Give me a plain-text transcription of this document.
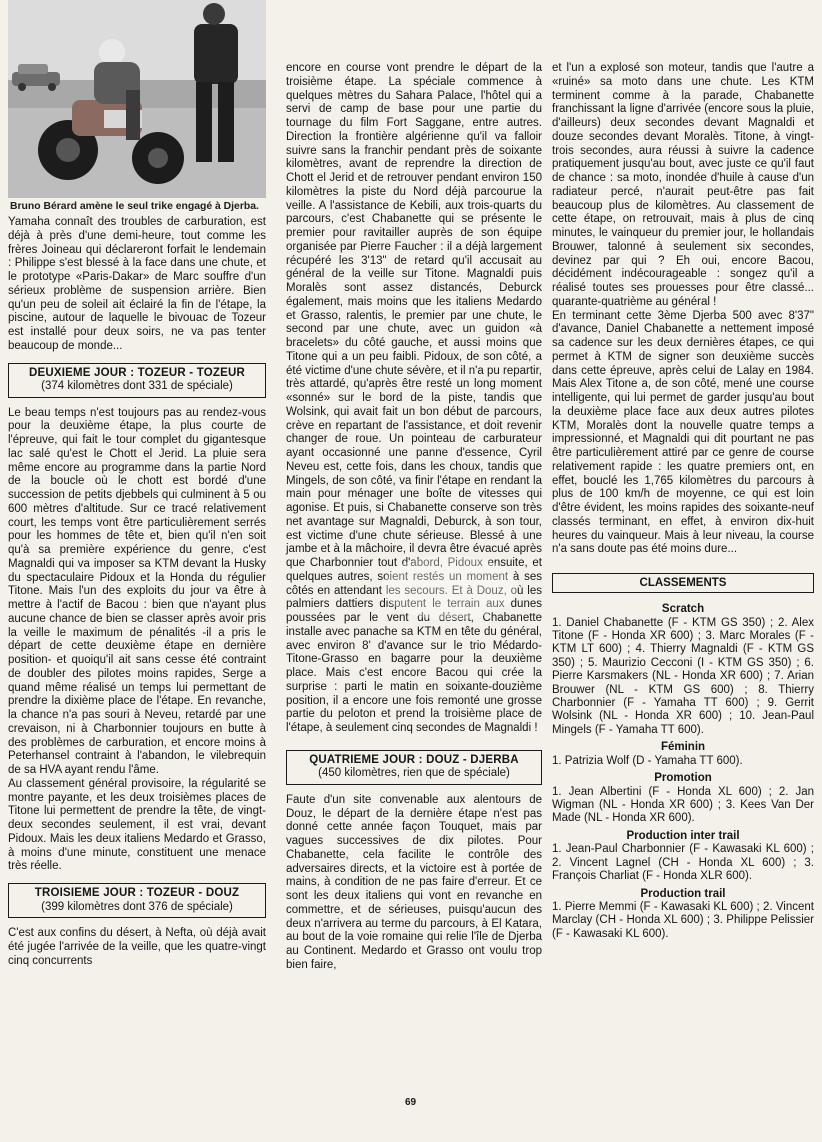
Bruno Bérard amène le seul trike engagé à Djerba.

Yamaha connaît des troubles de carburation, est déjà à près d'une demi-heure, tout comme les frères Joineau qui déclareront forfait le lendemain : Philippe s'est blessé à la face dans une chute, et le prototype «Paris-Dakar» de Marc souffre d'un sérieux problème de suspension arrière. Bien qu'un peu de soleil ait éclairé la fin de l'étape, la piscine, autour de laquelle le bivouac de Tozeur est installé pour deux soirs, ne va pas tenter beaucoup de monde...

DEUXIEME JOUR : TOZEUR - TOZEUR
(374 kilomètres dont 331 de spéciale)

Le beau temps n'est toujours pas au rendez-vous pour la deuxième étape, la plus courte de l'épreuve, qui fait le tour complet du gigantesque lac salé qu'est le Chott el Jerid. La pluie sera même encore au programme dans la partie Nord de la boucle où le chott est bordé d'une succession de petits djebbels qui culminent à 5 ou 600 mètres d'altitude. Sur ce tracé relativement court, les temps vont être particulièrement serrés pour les hommes de tête et, bien qu'il n'en soit qu'à sa première expérience du genre, c'est Magnaldi qui va imposer sa KTM devant la Husky du spectaculaire Pidoux et la Honda du régulier Titone. Mais l'un des exploits du jour va être à mettre à l'actif de Bacou : bien que n'ayant plus aucune chance de bien se classer après avoir pris la veille le maximum de pénalités -il a pris le départ de cette deuxième étape en dernière position- et quoiqu'il ait sans cesse été contraint de doubler des pilotes moins rapides, Serge a quand même réalisé un temps lui permettant de prendre la dixième place de l'étape. En revanche, la chance n'a pas souri à Neveu, retardé par une crevaison, ni à Charbonnier toujours en butte à des problèmes de carburation, et encore moins à Peterhansel contraint à l'abandon, le vilebrequin de sa HVA ayant rendu l'âme.

Au classement général provisoire, la régularité se montre payante, et les deux troisièmes places de Titone lui permettent de prendre la tête, de vingt-deux secondes seulement, il est vrai, devant Pidoux. Mais les deux italiens Medardo et Grasso, à moins d'une minute, constituent une menace très réelle.

TROISIEME JOUR : TOZEUR - DOUZ
(399 kilomètres dont 376 de spéciale)

C'est aux confins du désert, à Nefta, où déjà avait été jugée l'arrivée de la veille, que les quatre-vingt cinq concurrents

encore en course vont prendre le départ de la troisième étape. La spéciale commence à quelques mètres du Sahara Palace, l'hôtel qui a servi de camp de base pour une partie du tournage du film Fort Saggane, entre autres. Direction la frontière algérienne qu'il va falloir suivre sans la franchir pendant près de soixante kilomètres, avant de reprendre la direction de Chott el Jerid et de retrouver pendant environ 150 kilomètres la piste du Nord déjà parcourue la veille. A l'assistance de Kebili, aux trois-quarts du parcours, c'est Chabanette qui se présente le premier pour ravitailler auprès de son équipe organisée par Pierre Faucher : il a déjà largement récupéré les 3'13" de retard qu'il accusait au général de la veille sur Titone. Magnaldi puis Moralès sont assez distancés, Deburck également, mais moins que les italiens Medardo et Grasso, ralentis, le premier par une chute, le second par une chute, avec un guidon «à bracelets» du côté gauche, et aussi moins que Titone qui a un peu faibli. Pidoux, de son côté, a été victime d'une chute sévère, et il n'a pu repartir, très attardé, qu'après être resté un long moment «sonné» sur le bord de la piste, tandis que Wolsink, qui avait fait un bon début de parcours, crève en repartant de l'assistance, et doit revenir changer de roue. Un pointeau de carburateur ayant occasionné une panne d'essence, Cyril Neveu est, cette fois, dans les choux, tandis que Mingels, de son côté, va finir l'étape en rendant la main pour ménager une boîte de vitesses qui agonise. Et puis, si Chabanette conserve son très net avantage sur Magnaldi, Deburck, à son tour, est victime d'une chute sérieuse. Blessé à une jambe et à la mâchoire, il devra être évacué après que Charbonnier tout d'abord, Pidoux ensuite, et quelques autres, soient restés un moment à ses côtés en attendant les secours. Et à Douz, où les palmiers dattiers disputent le terrain aux dunes poussées par le vent du désert, Chabanette installe avec panache sa KTM en tête du général, avec environ 8' d'avance sur le trio Médardo-Titone-Grasso en bagarre pour la deuxième place. Mais c'est encore Bacou qui crée la surprise : parti le matin en soixante-douzième position, il a encore une fois remonté une grosse partie du peloton et prend la troisième place de l'étape, à seulement cinq secondes de Magnaldi !

QUATRIEME JOUR : DOUZ - DJERBA
(450 kilomètres, rien que de spéciale)

Faute d'un site convenable aux alentours de Douz, le départ de la dernière étape n'est pas donné cette année façon Touquet, mais par vagues successives de dix pilotes. Pour Chabanette, cela facilite le contrôle des adversaires directs, et la victoire est à portée de mains, à condition de ne pas faire d'erreur. Et ce sont les deux italiens qui vont en revanche en commettre, et de sérieuses, puisqu'aucun des deux n'arrivera au terme du parcours, à El Katara, au bout de la voie romaine qui relie l'île de Djerba au Continent. Medardo et Grasso ont voulu trop bien faire,

et l'un a explosé son moteur, tandis que l'autre a «ruiné» sa moto dans une chute. Les KTM terminent comme à la parade, Chabanette franchissant la ligne d'arrivée (encore sous la pluie, d'ailleurs) deux secondes devant Magnaldi et douze secondes devant Moralès. Titone, à vingt-trois secondes, aura réussi à suivre la cadence pratiquement jusqu'au bout, avec juste ce qu'il faut de chance : sa moto, inondée d'huile à cause d'un radiateur percé, n'aurait peut-être pas fait beaucoup plus de kilomètres. Au classement de cette étape, on retrouvait, mais à plus de cinq minutes, le vainqueur du premier jour, le hollandais Brouwer, talonné à seulement six secondes, devinez par qui ? Eh oui, encore Bacou, décidément indécourageable : songez qu'il a réalisé toutes ses prouesses pour être classé... quarante-quatrième au général !

En terminant cette 3ème Djerba 500 avec 8'37" d'avance, Daniel Chabanette a nettement imposé sa cadence sur les deux dernières étapes, ce qui permet à KTM de signer son deuxième succès dans cette épreuve, après celui de Lalay en 1984. Mais Alex Titone a, de son côté, mené une course intelligente, qui lui permet de garder jusqu'au bout la deuxième place face aux deux autres pilotes KTM, Moralès dont la nouvelle quatre temps a impressionné, et Magnaldi qui dit pourtant ne pas être particulièrement attiré par ce genre de course relativement rapide : les quatre premiers ont, en effet, bouclé les 1,765 kilomètres du parcours à plus de 100 km/h de moyenne, ce qui est loin d'être évident, les moins rapides des soixante-neuf classés terminant, en effet, à environ dix-huit heures du vainqueur. Mais à leur niveau, la course n'a sans doute pas été moins dure...

CLASSEMENTS
Scratch
1. Daniel Chabanette (F - KTM GS 350) ; 2. Alex Titone (F - Honda XR 600) ; 3. Marc Morales (F - KTM LT 600) ; 4. Thierry Magnaldi (F - KTM GS 350) ; 5. Maurizio Cecconi (I - KTM GS 350) ; 6. Pierre Karsmakers (NL - Honda XR 600) ; 7. Arian Brouwer (NL - KTM GS 600) ; 8. Thierry Charbonnier (F - Yamaha TT 600) ; 9. Gerrit Wolsink (NL - Honda XR 600) ; 10. Jean-Paul Mingels (F - Yamaha TT 600).
Féminin
1. Patrizia Wolf (D - Yamaha TT 600).
Promotion
1. Jean Albertini (F - Honda XL 600) ; 2. Jan Wigman (NL - Honda XR 600) ; 3. Kees Van Der Made (NL - Honda XR 600).
Production inter trail
1. Jean-Paul Charbonnier (F - Kawasaki KL 600) ; 2. Vincent Lagnel (CH - Honda XL 600) ; 3. François Charliat (F - Honda XLR 600).
Production trail
1. Pierre Memmi (F - Kawasaki KL 600) ; 2. Vincent Marclay (CH - Honda XL 600) ; 3. Philippe Pelissier (F - Kawasaki KL 600).
69
